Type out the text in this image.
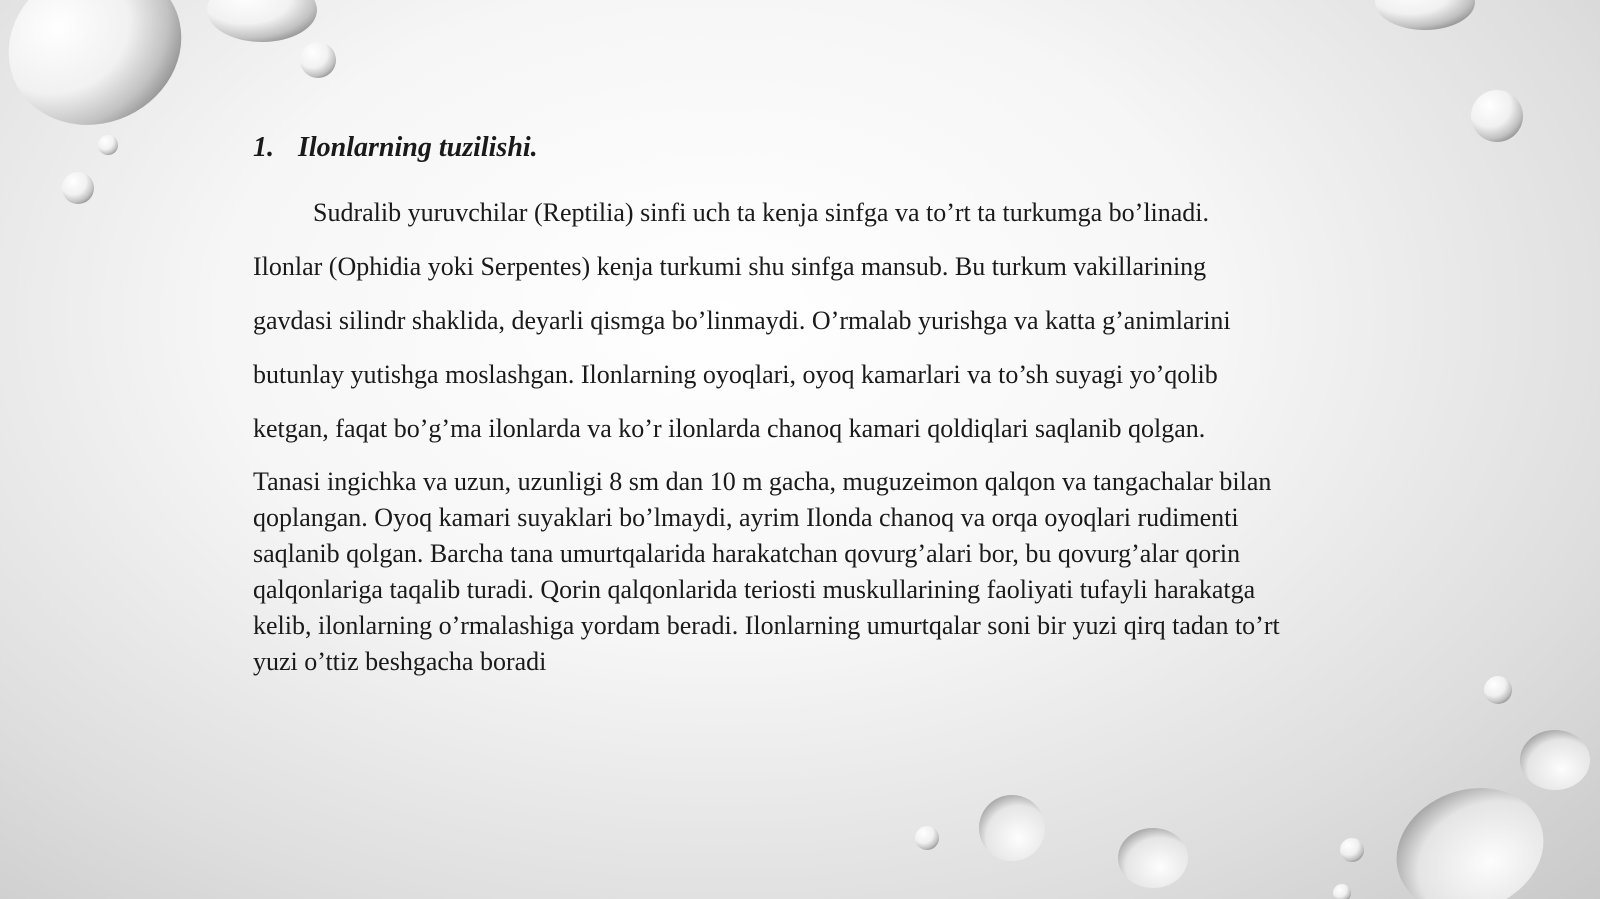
1. Ilonlarning tuzilishi.

Sudralib yuruvchilar (Reptilia) sinfi uch ta kenja sinfga va to’rt ta turkumga bo’linadi. Ilonlar (Ophidia yoki Serpentes) kenja turkumi shu sinfga mansub. Bu turkum vakillarining gavdasi silindr shaklida, deyarli qismga bo’linmaydi. O’rmalab yurishga va katta g’animlarini butunlay yutishga moslashgan. Ilonlarning oyoqlari, oyoq kamarlari va to’sh suyagi yo’qolib ketgan, faqat bo’g’ma ilonlarda va ko’r ilonlarda chanoq kamari qoldiqlari saqlanib qolgan.

Tanasi ingichka va uzun, uzunligi 8 sm dan 10 m gacha, muguzeimon qalqon va tangachalar bilan qoplangan. Oyoq kamari suyaklari bo’lmaydi, ayrim Ilonda chanoq va orqa oyoqlari rudimenti saqlanib qolgan. Barcha tana umurtqalarida harakatchan qovurg’alari bor, bu qovurg’alar qorin qalqonlariga taqalib turadi. Qorin qalqonlarida teriosti muskullarining faoliyati tufayli harakatga kelib, ilonlarning o’rmalashiga yordam beradi. Ilonlarning umurtqalar soni bir yuzi qirq tadan to’rt yuzi o’ttiz beshgacha boradi
